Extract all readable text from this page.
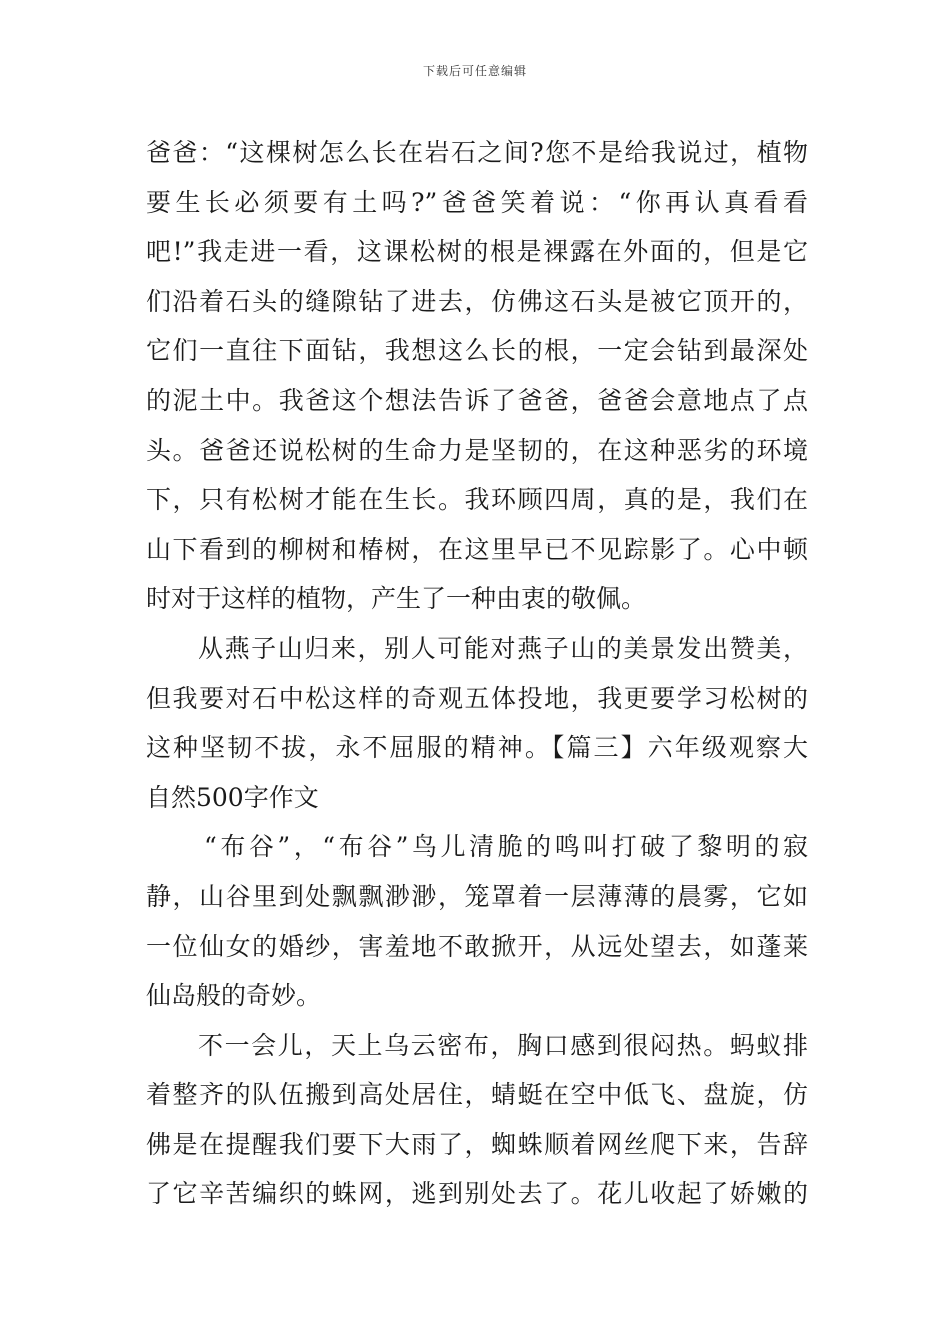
下载后可任意编辑
爸爸：“这棵树怎么长在岩石之间?您不是给我说过，植物
要生长必须要有土吗?”爸爸笑着说：“你再认真看看
吧!”我走进一看，这课松树的根是裸露在外面的，但是它
们沿着石头的缝隙钻了进去，仿佛这石头是被它顶开的，
它们一直往下面钻，我想这么长的根，一定会钻到最深处
的泥土中。我爸这个想法告诉了爸爸，爸爸会意地点了点
头。爸爸还说松树的生命力是坚韧的，在这种恶劣的环境
下，只有松树才能在生长。我环顾四周，真的是，我们在
山下看到的柳树和椿树，在这里早已不见踪影了。心中顿
时对于这样的植物，产生了一种由衷的敬佩。
从燕子山归来，别人可能对燕子山的美景发出赞美，
但我要对石中松这样的奇观五体投地，我更要学习松树的
这种坚韧不拔，永不屈服的精神。【篇三】六年级观察大
自然500字作文
“布谷”，“布谷”鸟儿清脆的鸣叫打破了黎明的寂
静，山谷里到处飘飘渺渺，笼罩着一层薄薄的晨雾，它如
一位仙女的婚纱，害羞地不敢掀开，从远处望去，如蓬莱
仙岛般的奇妙。
不一会儿，天上乌云密布，胸口感到很闷热。蚂蚁排
着整齐的队伍搬到高处居住，蜻蜓在空中低飞、盘旋，仿
佛是在提醒我们要下大雨了，蜘蛛顺着网丝爬下来，告辞
了它辛苦编织的蛛网，逃到别处去了。花儿收起了娇嫩的
